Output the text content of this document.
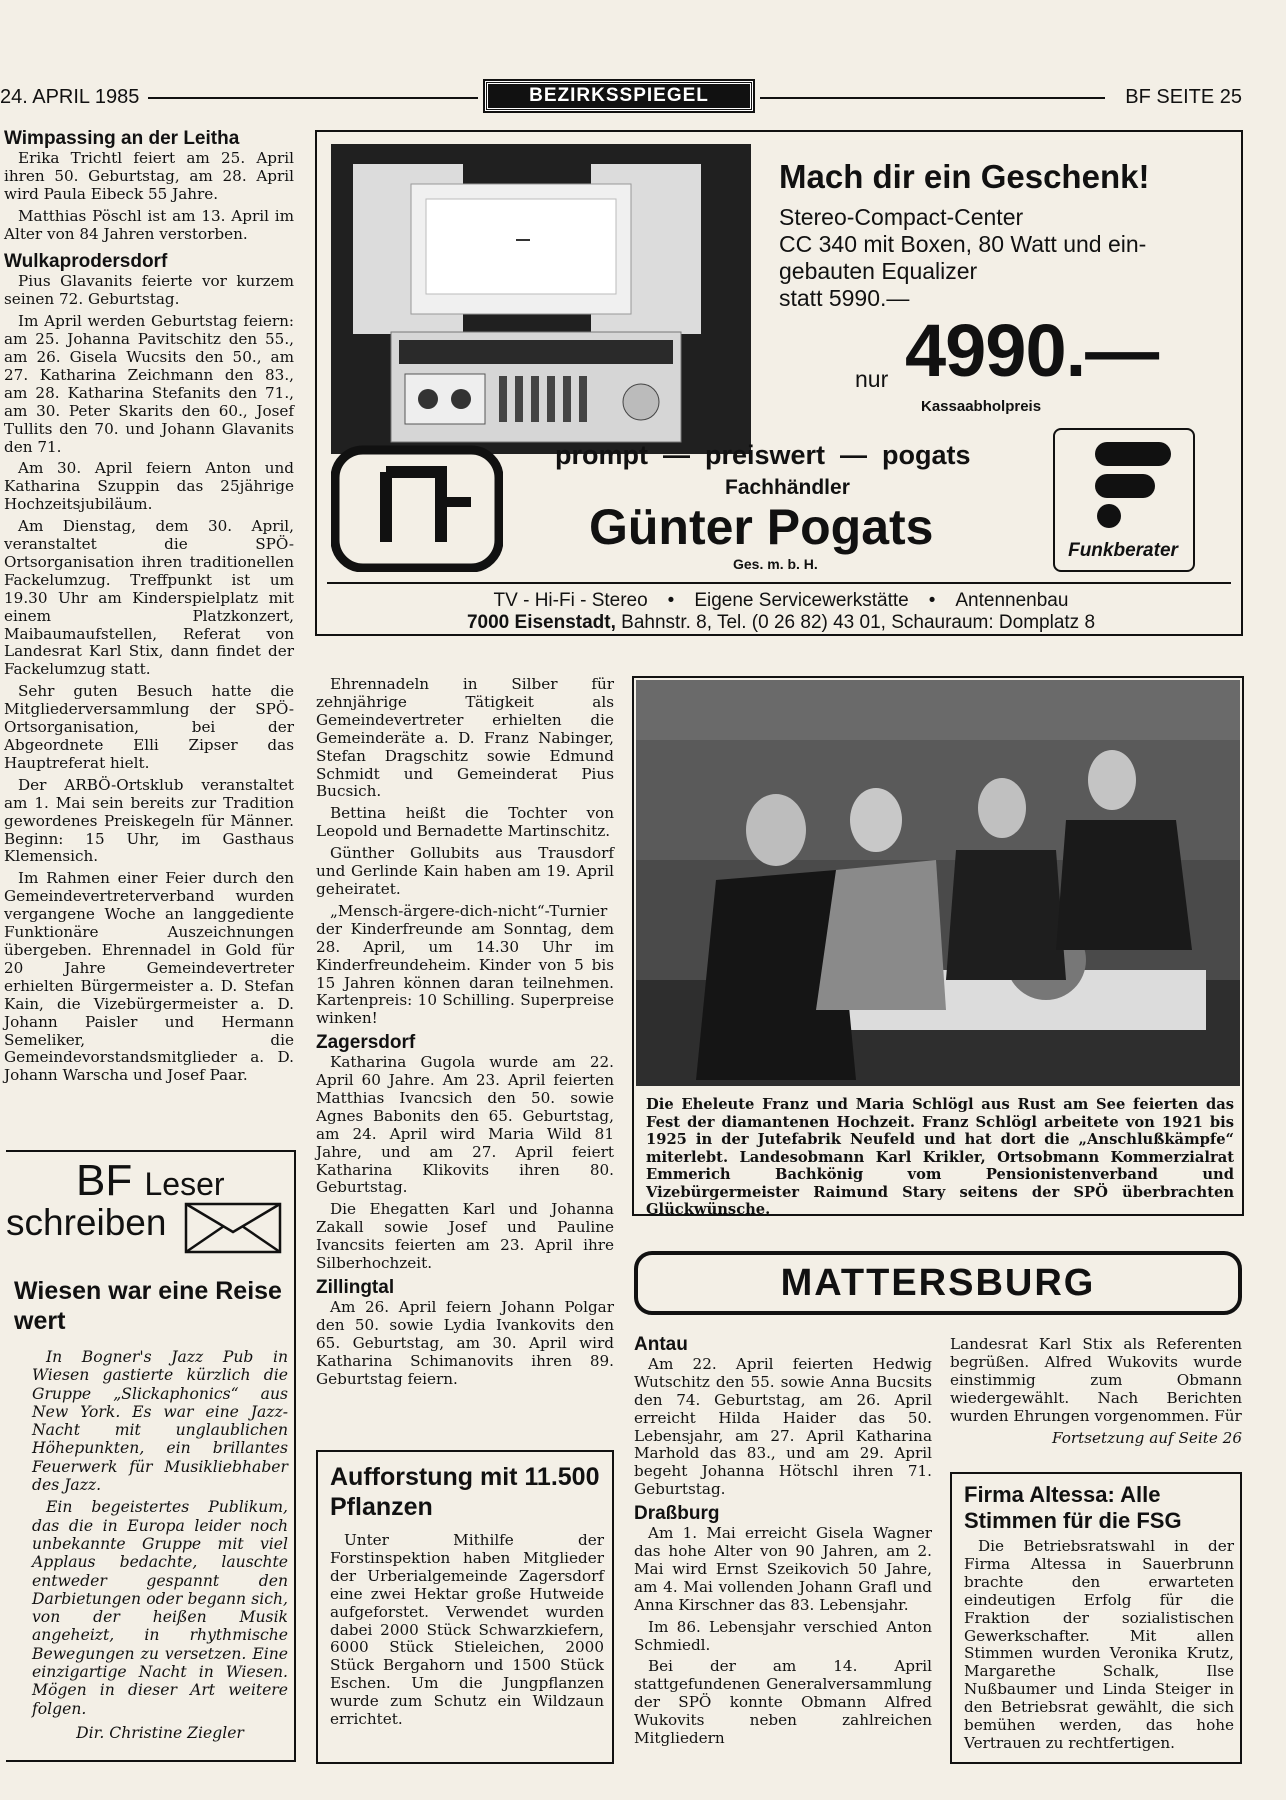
24. APRIL 1985	BEZIRKSSPIEGEL	BF SEITE 25
Mach dir ein Geschenk!
Stereo-Compact-Center
CC 340 mit Boxen, 80 Watt und ein-
gebauten Equalizer
statt 5990.—
nur 4990.—
Kassaabholpreis
prompt  —  preiswert  —  pogats
Fachhändler
Günter Pogats
Ges. m. b. H.
Funkberater
TV - Hi-Fi - Stereo • Eigene Servicewerkstätte • Antennenbau
7000 Eisenstadt, Bahnstr. 8, Tel. (0 26 82) 43 01, Schauraum: Domplatz 8
Wimpassing an der Leitha

Erika Trichtl feiert am 25. April ihren 50. Geburtstag, am 28. April wird Paula Eibeck 55 Jahre.

Matthias Pöschl ist am 13. April im Alter von 84 Jahren verstorben.

Wulkaprodersdorf

Pius Glavanits feierte vor kurzem seinen 72. Geburtstag.

Im April werden Geburtstag feiern: am 25. Johanna Pavitschitz den 55., am 26. Gisela Wucsits den 50., am 27. Katharina Zeichmann den 83., am 28. Katharina Stefanits den 71., am 30. Peter Skarits den 60., Josef Tullits den 70. und Johann Glavanits den 71.

Am 30. April feiern Anton und Katharina Szuppin das 25jährige Hochzeitsjubiläum.

Am Dienstag, dem 30. April, veranstaltet die SPÖ-Ortsorganisation ihren traditionellen Fackelumzug. Treffpunkt ist um 19.30 Uhr am Kinderspielplatz mit einem Platzkonzert, Maibaumaufstellen, Referat von Landesrat Karl Stix, dann findet der Fackelumzug statt.

Sehr guten Besuch hatte die Mitgliederversammlung der SPÖ-Ortsorganisation, bei der Abgeordnete Elli Zipser das Hauptreferat hielt.

Der ARBÖ-Ortsklub veranstaltet am 1. Mai sein bereits zur Tradition gewordenes Preiskegeln für Männer. Beginn: 15 Uhr, im Gasthaus Klemensich.

Im Rahmen einer Feier durch den Gemeindevertreterverband wurden vergangene Woche an langgediente Funktionäre Auszeichnungen übergeben. Ehrennadel in Gold für 20 Jahre Gemeindevertreter erhielten Bürgermeister a. D. Stefan Kain, die Vizebürgermeister a. D. Johann Paisler und Hermann Semeliker, die Gemeindevorstandsmitglieder a. D. Johann Warscha und Josef Paar.

BF Leser
schreiben
Wiesen war eine Reise wert

In Bogner's Jazz Pub in Wiesen gastierte kürzlich die Gruppe „Slickaphonics“ aus New York. Es war eine Jazz-Nacht mit unglaublichen Höhepunkten, ein brillantes Feuerwerk für Musikliebhaber des Jazz.

Ein begeistertes Publikum, das die in Europa leider noch unbekannte Gruppe mit viel Applaus bedachte, lauschte entweder gespannt den Darbietungen oder begann sich, von der heißen Musik angeheizt, in rhythmische Bewegungen zu versetzen. Eine einzigartige Nacht in Wiesen. Mögen in dieser Art weitere folgen.

Dir. Christine Ziegler

Ehrennadeln in Silber für zehnjährige Tätigkeit als Gemeindevertreter erhielten die Gemeinderäte a. D. Franz Nabinger, Stefan Dragschitz sowie Edmund Schmidt und Gemeinderat Pius Bucsich.

Bettina heißt die Tochter von Leopold und Bernadette Martinschitz.

Günther Gollubits aus Trausdorf und Gerlinde Kain haben am 19. April geheiratet.

„Mensch-ärgere-dich-nicht“-Turnier der Kinderfreunde am Sonntag, dem 28. April, um 14.30 Uhr im Kinderfreundeheim. Kinder von 5 bis 15 Jahren können daran teilnehmen. Kartenpreis: 10 Schilling. Superpreise winken!

Zagersdorf

Katharina Gugola wurde am 22. April 60 Jahre. Am 23. April feierten Matthias Ivancsich den 50. sowie Agnes Babonits den 65. Geburtstag, am 24. April wird Maria Wild 81 Jahre, und am 27. April feiert Katharina Klikovits ihren 80. Geburtstag.

Die Ehegatten Karl und Johanna Zakall sowie Josef und Pauline Ivancsits feierten am 23. April ihre Silberhochzeit.

Zillingtal

Am 26. April feiern Johann Polgar den 50. sowie Lydia Ivankovits den 65. Geburtstag, am 30. April wird Katharina Schimanovits ihren 89. Geburtstag feiern.

Aufforstung mit 11.500 Pflanzen

Unter Mithilfe der Forstinspektion haben Mitglieder der Urberialgemeinde Zagersdorf eine zwei Hektar große Hutweide aufgeforstet. Verwendet wurden dabei 2000 Stück Schwarzkiefern, 6000 Stück Stieleichen, 2000 Stück Bergahorn und 1500 Stück Eschen. Um die Jungpflanzen wurde zum Schutz ein Wildzaun errichtet.

Die Eheleute Franz und Maria Schlögl aus Rust am See feierten das Fest der diamantenen Hochzeit. Franz Schlögl arbeitete von 1921 bis 1925 in der Jutefabrik Neufeld und hat dort die „Anschlußkämpfe“ miterlebt. Landesobmann Karl Krikler, Ortsobmann Kommerzialrat Emmerich Bachkönig vom Pensionistenverband und Vizebürgermeister Raimund Stary seitens der SPÖ überbrachten Glückwünsche.
MATTERSBURG
Antau

Am 22. April feierten Hedwig Wutschitz den 55. sowie Anna Bucsits den 74. Geburtstag, am 26. April erreicht Hilda Haider das 50. Lebensjahr, am 27. April Katharina Marhold das 83., und am 29. April begeht Johanna Hötschl ihren 71. Geburtstag.

Draßburg

Am 1. Mai erreicht Gisela Wagner das hohe Alter von 90 Jahren, am 2. Mai wird Ernst Szeikovich 50 Jahre, am 4. Mai vollenden Johann Grafl und Anna Kirschner das 83. Lebensjahr.

Im 86. Lebensjahr verschied Anton Schmiedl.

Bei der am 14. April stattgefundenen Generalversammlung der SPÖ konnte Obmann Alfred Wukovits neben zahlreichen Mitgliedern

Landesrat Karl Stix als Referenten begrüßen. Alfred Wukovits wurde einstimmig zum Obmann wiedergewählt. Nach Berichten wurden Ehrungen vorgenommen. Für

Fortsetzung auf Seite 26
Firma Altessa: Alle Stimmen für die FSG

Die Betriebsratswahl in der Firma Altessa in Sauerbrunn brachte den erwarteten eindeutigen Erfolg für die Fraktion der sozialistischen Gewerkschafter. Mit allen Stimmen wurden Veronika Krutz, Margarethe Schalk, Ilse Nußbaumer und Linda Steiger in den Betriebsrat gewählt, die sich bemühen werden, das hohe Vertrauen zu rechtfertigen.
